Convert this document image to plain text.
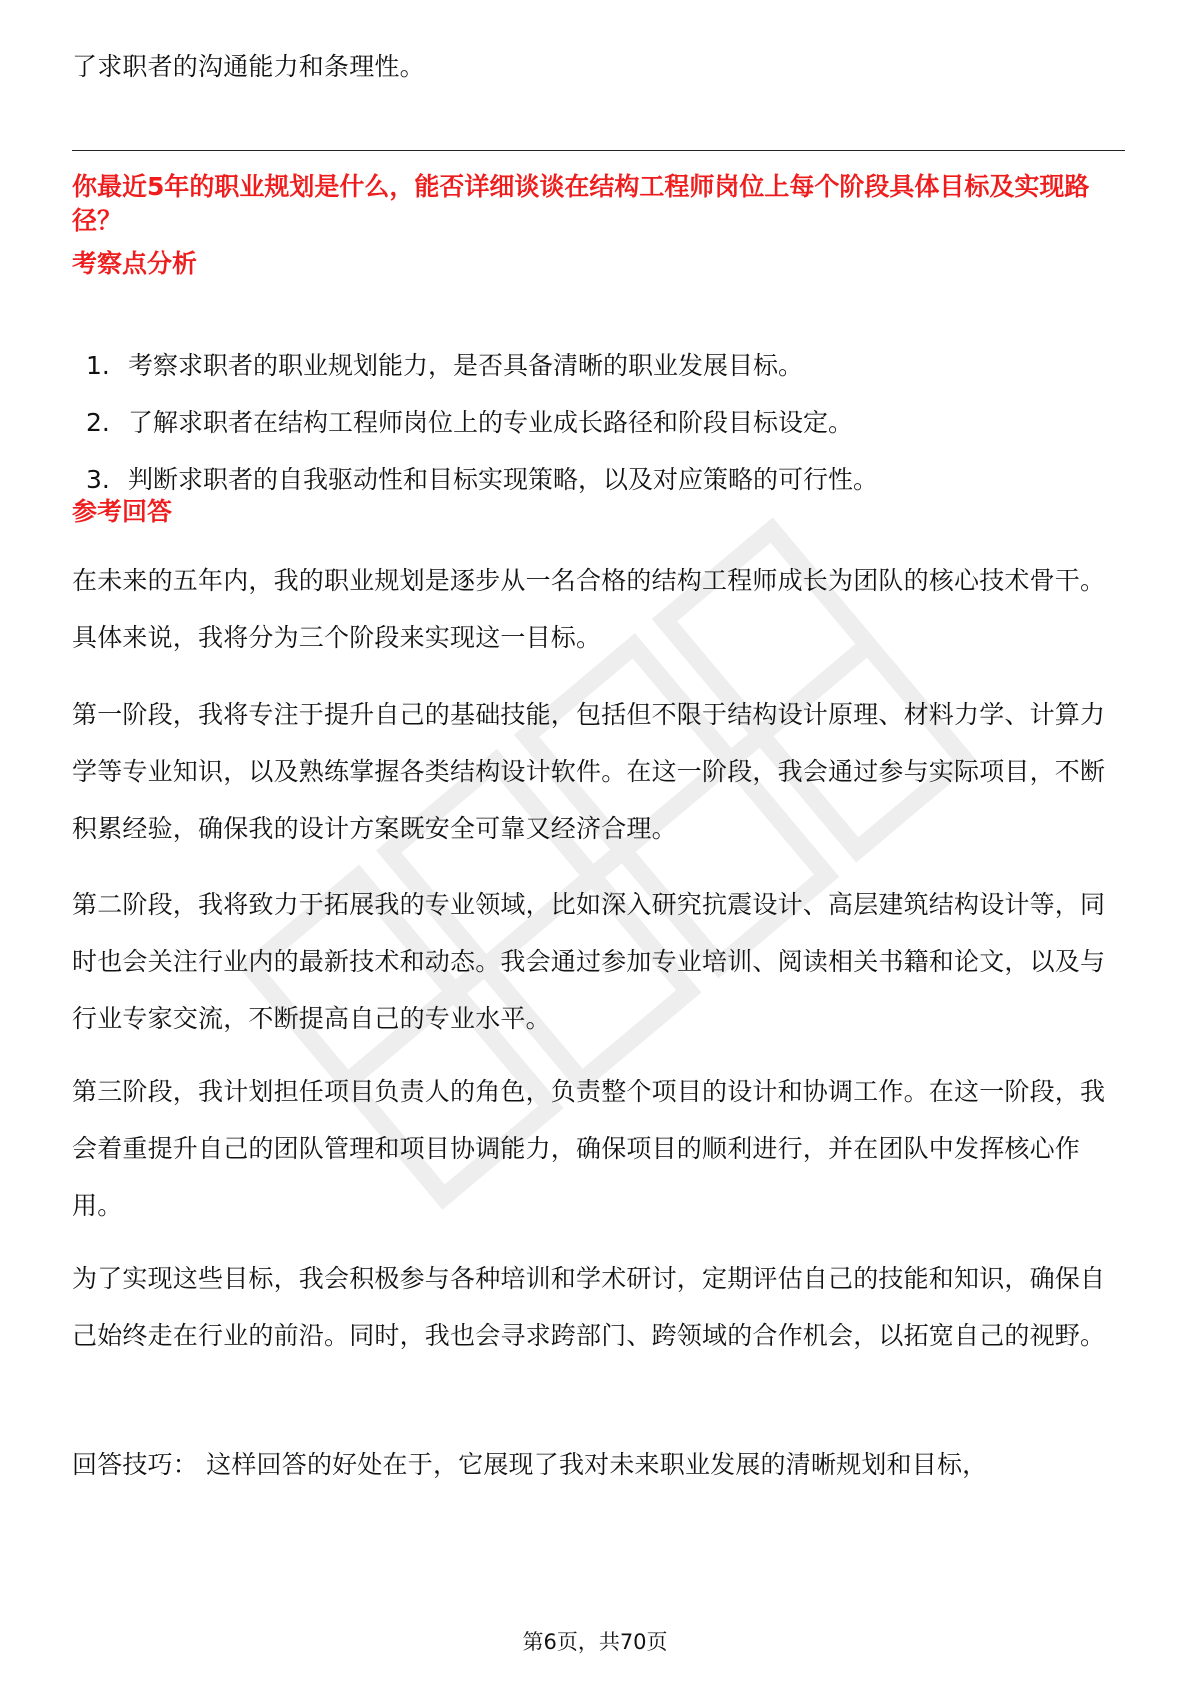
了求职者的沟通能力和条理性。

你最近5年的职业规划是什么，能否详细谈谈在结构工程师岗位上每个阶段具体目标及实现路径？

考察点分析

1. 考察求职者的职业规划能力，是否具备清晰的职业发展目标。
2. 了解求职者在结构工程师岗位上的专业成长路径和阶段目标设定。
3. 判断求职者的自我驱动性和目标实现策略，以及对应策略的可行性。

参考回答

在未来的五年内，我的职业规划是逐步从一名合格的结构工程师成长为团队的核心技术骨干。具体来说，我将分为三个阶段来实现这一目标。

第一阶段，我将专注于提升自己的基础技能，包括但不限于结构设计原理、材料力学、计算力学等专业知识，以及熟练掌握各类结构设计软件。在这一阶段，我会通过参与实际项目，不断积累经验，确保我的设计方案既安全可靠又经济合理。

第二阶段，我将致力于拓展我的专业领域，比如深入研究抗震设计、高层建筑结构设计等，同时也会关注行业内的最新技术和动态。我会通过参加专业培训、阅读相关书籍和论文，以及与行业专家交流，不断提高自己的专业水平。

第三阶段，我计划担任项目负责人的角色，负责整个项目的设计和协调工作。在这一阶段，我会着重提升自己的团队管理和项目协调能力，确保项目的顺利进行，并在团队中发挥核心作用。

为了实现这些目标，我会积极参与各种培训和学术研讨，定期评估自己的技能和知识，确保自己始终走在行业的前沿。同时，我也会寻求跨部门、跨领域的合作机会，以拓宽自己的视野。

回答技巧： 这样回答的好处在于，它展现了我对未来职业发展的清晰规划和目标，

第6页，共70页
